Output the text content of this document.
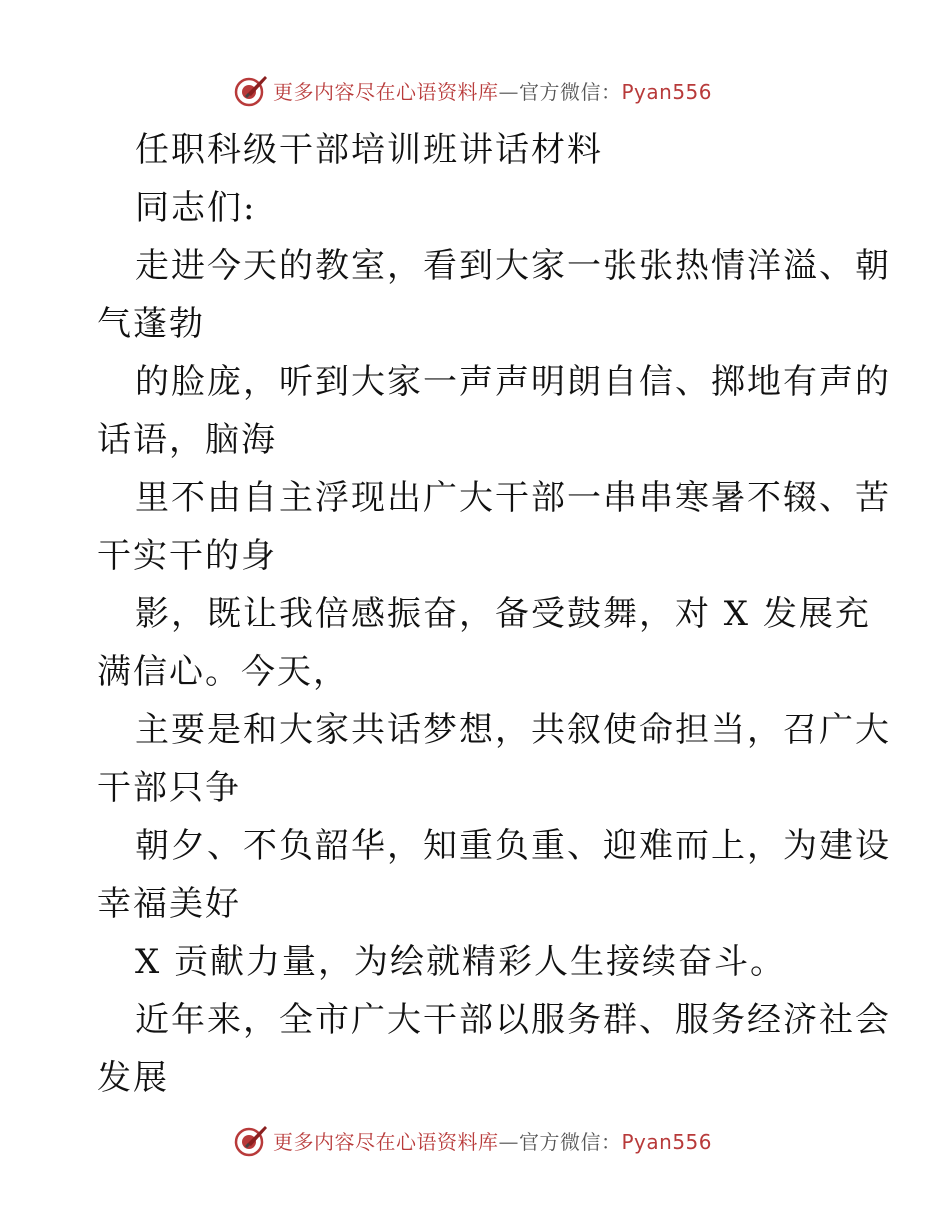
更多内容尽在心语资料库—官方微信：Pyan556
任职科级干部培训班讲话材料
同志们:
走进今天的教室，看到大家一张张热情洋溢、朝
气蓬勃
的脸庞，听到大家一声声明朗自信、掷地有声的
话语，脑海
里不由自主浮现出广大干部一串串寒暑不辍、苦
干实干的身
影，既让我倍感振奋，备受鼓舞，对 X 发展充
满信心。今天，
主要是和大家共话梦想，共叙使命担当，召广大
干部只争
朝夕、不负韶华，知重负重、迎难而上，为建设
幸福美好
X 贡献力量，为绘就精彩人生接续奋斗。
近年来，全市广大干部以服务群、服务经济社会
发展
更多内容尽在心语资料库—官方微信：Pyan556
